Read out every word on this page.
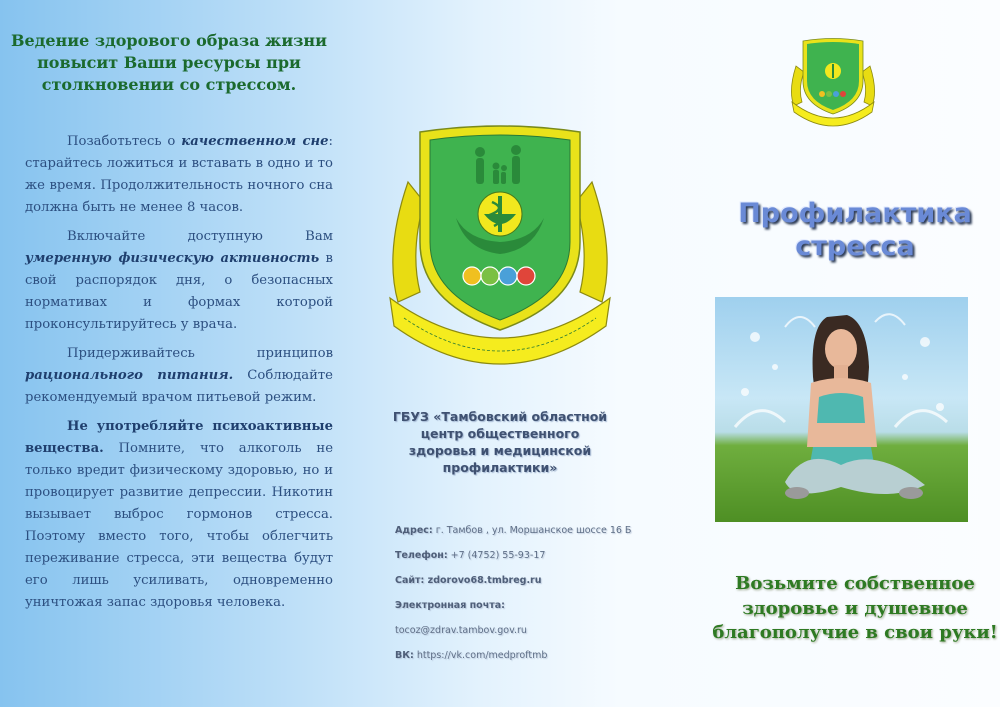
Ведение здорового образа жизни повысит Ваши ресурсы при столкновении со стрессом.

Позаботьтесь о качественном сне: старайтесь ложиться и вставать в одно и то же время. Продолжительность ночного сна должна быть не менее 8 часов.

Включайте доступную Вам умеренную физическую активность в свой распорядок дня, о безопасных нормативах и формах которой проконсультируйтесь у врача.

Придерживайтесь принципов рационального питания. Соблюдайте рекомендуемый врачом питьевой режим.

Не употребляйте психоактивные вещества. Помните, что алкоголь не только вредит физическому здоровью, но и провоцирует развитие депрессии. Никотин вызывает выброс гормонов стресса. Поэтому вместо того, чтобы облегчить переживание стресса, эти вещества будут его лишь усиливать, одновременно уничтожая запас здоровья человека.

ГБУЗ «Тамбовский областной центр общественного здоровья и медицинской профилактики»
Адрес: г. Тамбов , ул. Моршанское шоссе 16 Б
Телефон: +7 (4752) 55-93-17
Сайт: zdorovo68.tmbreg.ru
Электронная почта:
tocoz@zdrav.tambov.gov.ru
ВК: https://vk.com/medproftmb
Профилактика стресса
Возьмите собственное здоровье и душевное благополучие в свои руки!
